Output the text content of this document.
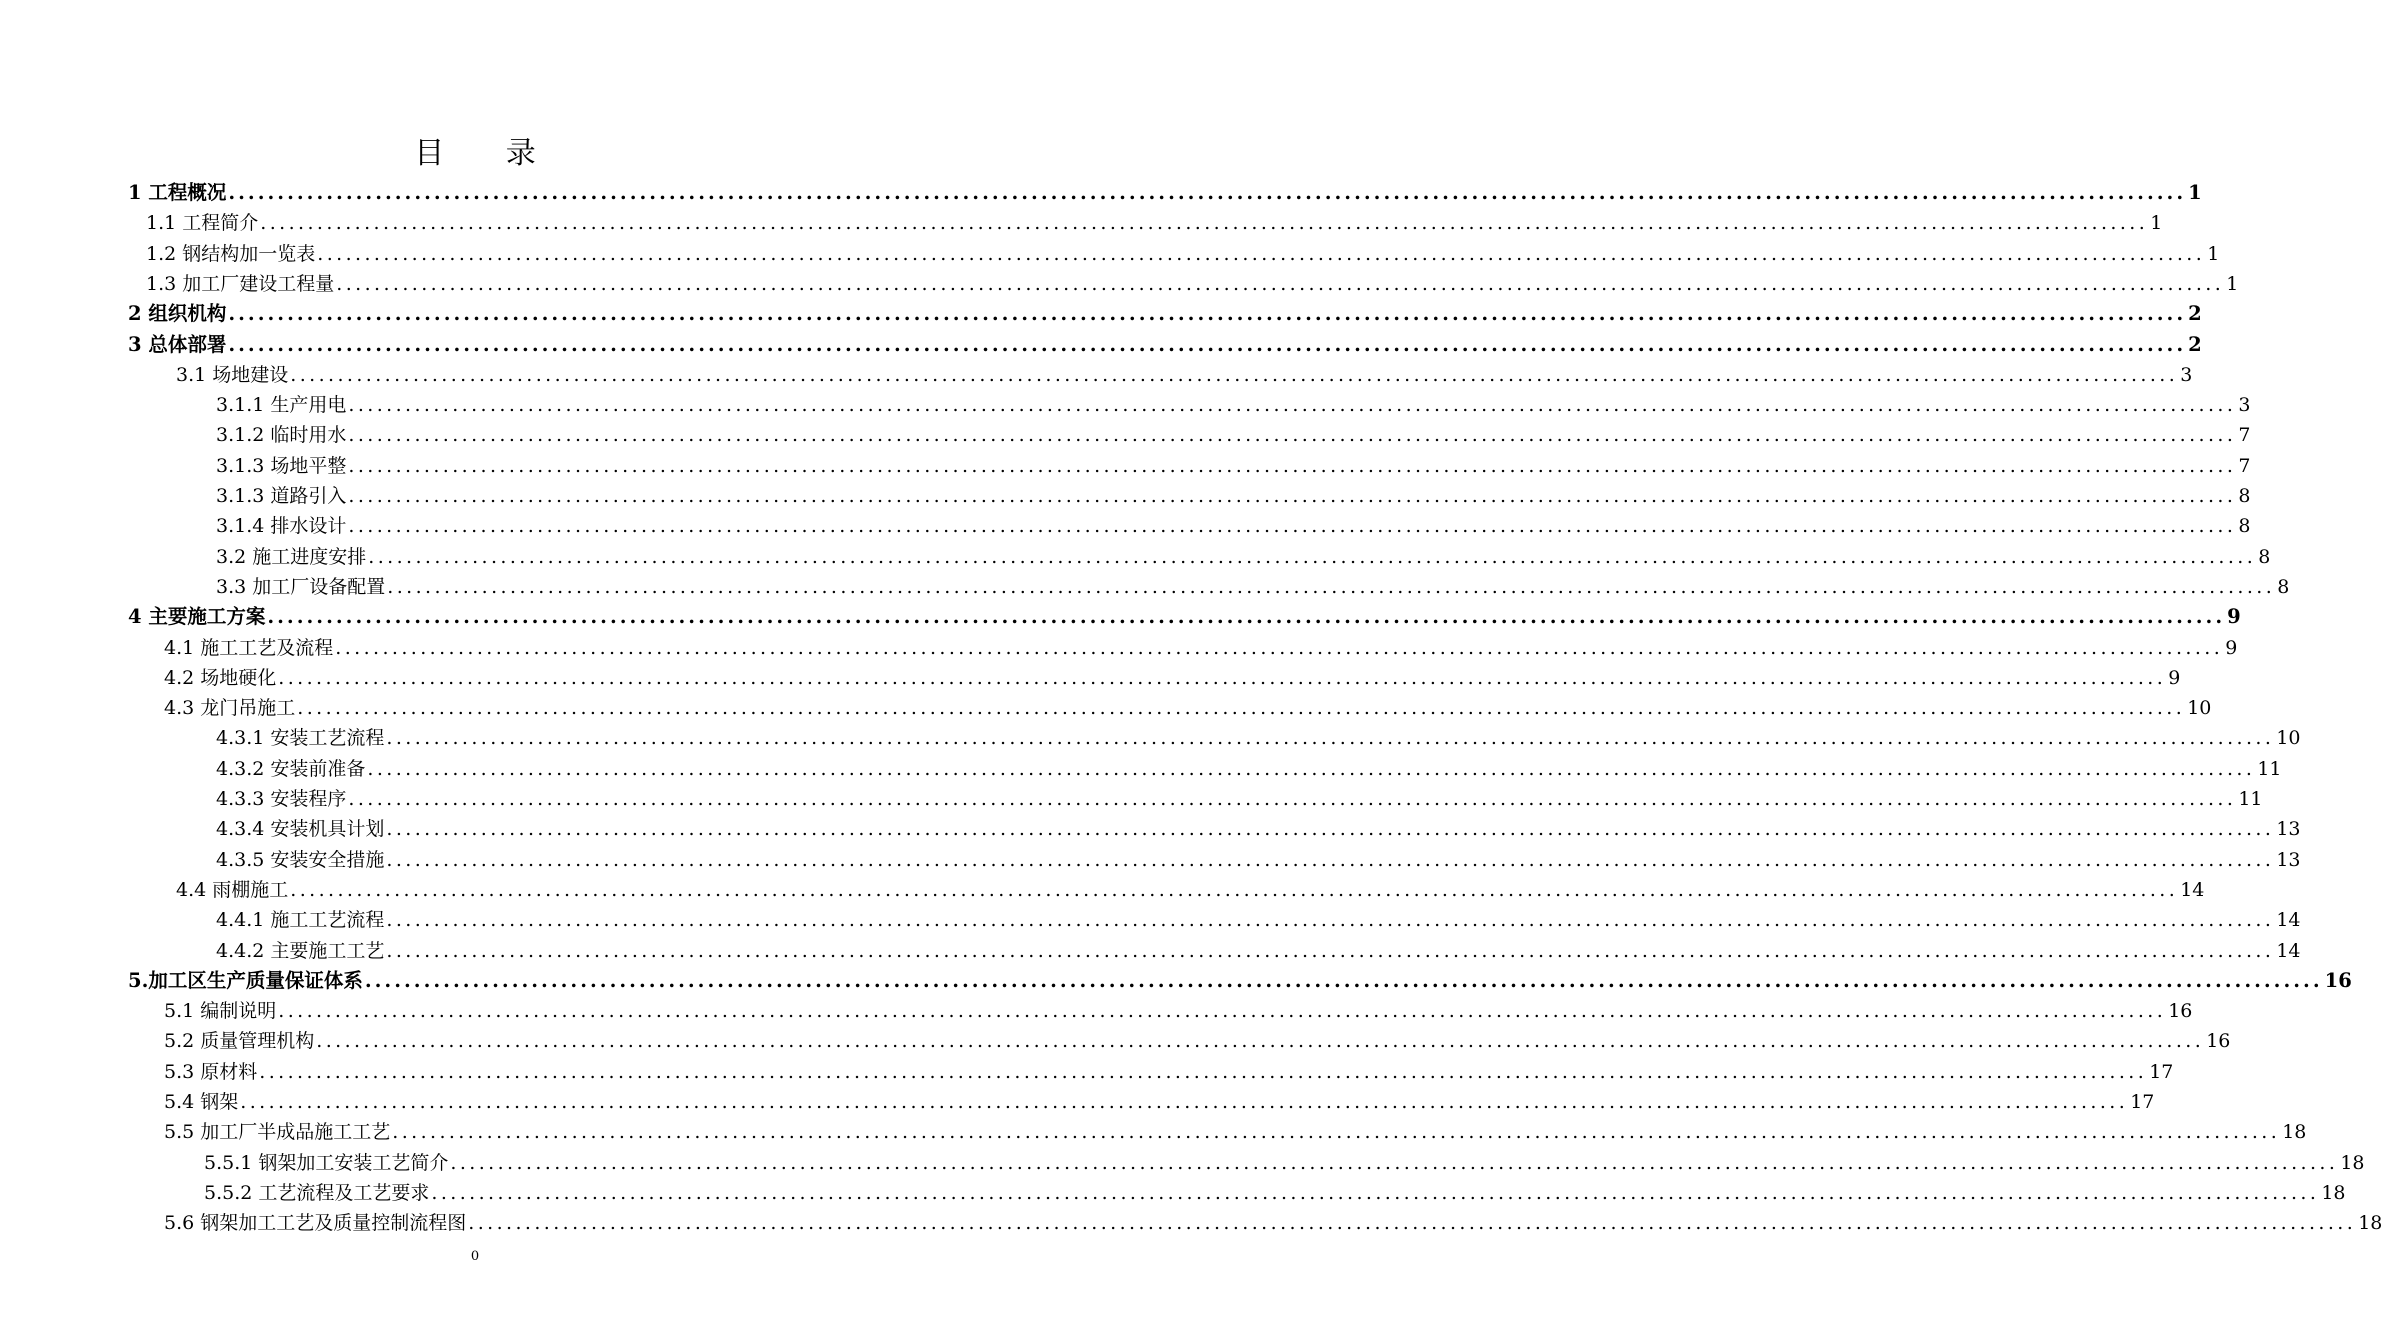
目 录
1 工程概况 ........................................................................................................................................................................................................ 1
1.1 工程简介 ........................................................................................................................................................................................................ 1
1.2 钢结构加一览表 ........................................................................................................................................................................................................ 1
1.3 加工厂建设工程量 ........................................................................................................................................................................................................ 1
2 组织机构 ........................................................................................................................................................................................................ 2
3 总体部署 ........................................................................................................................................................................................................ 2
3.1 场地建设 ........................................................................................................................................................................................................ 3
3.1.1 生产用电 ........................................................................................................................................................................................................ 3
3.1.2 临时用水 ........................................................................................................................................................................................................ 7
3.1.3 场地平整 ........................................................................................................................................................................................................ 7
3.1.3 道路引入 ........................................................................................................................................................................................................ 8
3.1.4 排水设计 ........................................................................................................................................................................................................ 8
3.2 施工进度安排 ........................................................................................................................................................................................................ 8
3.3 加工厂设备配置 ........................................................................................................................................................................................................ 8
4 主要施工方案 ........................................................................................................................................................................................................ 9
4.1 施工工艺及流程 ........................................................................................................................................................................................................ 9
4.2 场地硬化 ........................................................................................................................................................................................................ 9
4.3 龙门吊施工 ........................................................................................................................................................................................................ 10
4.3.1 安装工艺流程 ........................................................................................................................................................................................................ 10
4.3.2 安装前准备 ........................................................................................................................................................................................................ 11
4.3.3 安装程序 ........................................................................................................................................................................................................ 11
4.3.4 安装机具计划 ........................................................................................................................................................................................................ 13
4.3.5 安装安全措施 ........................................................................................................................................................................................................ 13
4.4 雨棚施工 ........................................................................................................................................................................................................ 14
4.4.1 施工工艺流程 ........................................................................................................................................................................................................ 14
4.4.2 主要施工工艺 ........................................................................................................................................................................................................ 14
5.加工区生产质量保证体系 ........................................................................................................................................................................................................ 16
5.1 编制说明 ........................................................................................................................................................................................................ 16
5.2 质量管理机构 ........................................................................................................................................................................................................ 16
5.3 原材料 ........................................................................................................................................................................................................ 17
5.4 钢架 ........................................................................................................................................................................................................ 17
5.5 加工厂半成品施工工艺 ........................................................................................................................................................................................................ 18
5.5.1 钢架加工安装工艺简介 ........................................................................................................................................................................................................ 18
5.5.2 工艺流程及工艺要求 ........................................................................................................................................................................................................ 18
5.6 钢架加工工艺及质量控制流程图 ........................................................................................................................................................................................................ 18
0
